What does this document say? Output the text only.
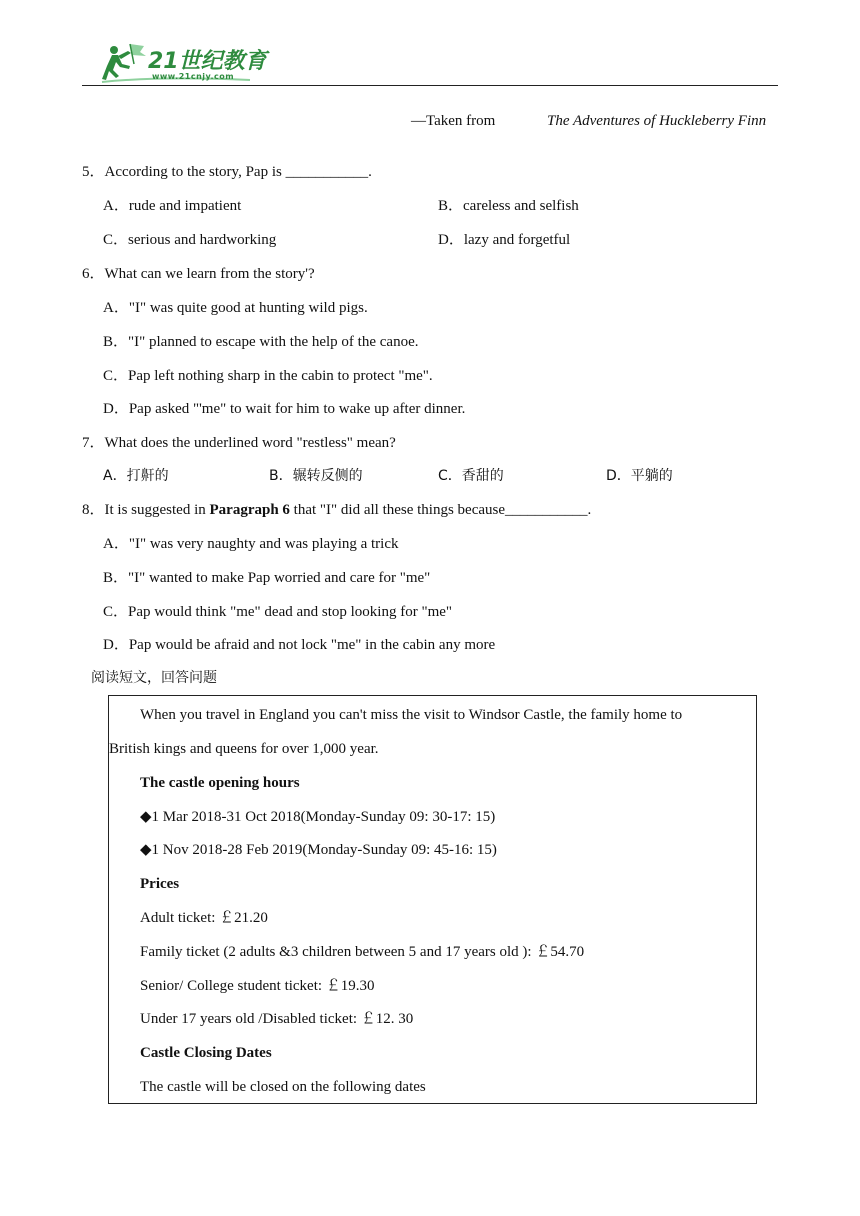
21世纪教育
www.21cnjy.com
—Taken from	The Adventures of Huckleberry Finn
5．According to the story, Pap is ___________.
A．rude and impatient	B．careless and selfish
C．serious and hardworking	D．lazy and forgetful
6．What can we learn from the story'?
A．"I" was quite good at hunting wild pigs.
B．"I" planned to escape with the help of the canoe.
C．Pap left nothing sharp in the cabin to protect "me".
D．Pap asked "'me" to wait for him to wake up after dinner.
7．What does the underlined word "restless" mean?
A．打鼾的	B．辗转反侧的	C．香甜的	D．平躺的
8．It is suggested in Paragraph 6 that "I" did all these things because___________.
A．"I" was very naughty and was playing a trick
B．"I" wanted to make Pap worried and care for "me"
C．Pap would think "me" dead and stop looking for "me"
D．Pap would be afraid and not lock "me" in the cabin any more
阅读短文，回答问题
When you travel in England you can't miss the visit to Windsor Castle, the family home to
British kings and queens for over 1,000 year.
The castle opening hours
◆1 Mar 2018-31 Oct 2018(Monday-Sunday 09: 30-17: 15)
◆1 Nov 2018-28 Feb 2019(Monday-Sunday 09: 45-16: 15)
Prices
Adult ticket: ￡21.20
Family ticket (2 adults &3 children between 5 and 17 years old ): ￡54.70
Senior/ College student ticket: ￡19.30
Under 17 years old /Disabled ticket: ￡12. 30
Castle Closing Dates
The castle will be closed on the following dates
